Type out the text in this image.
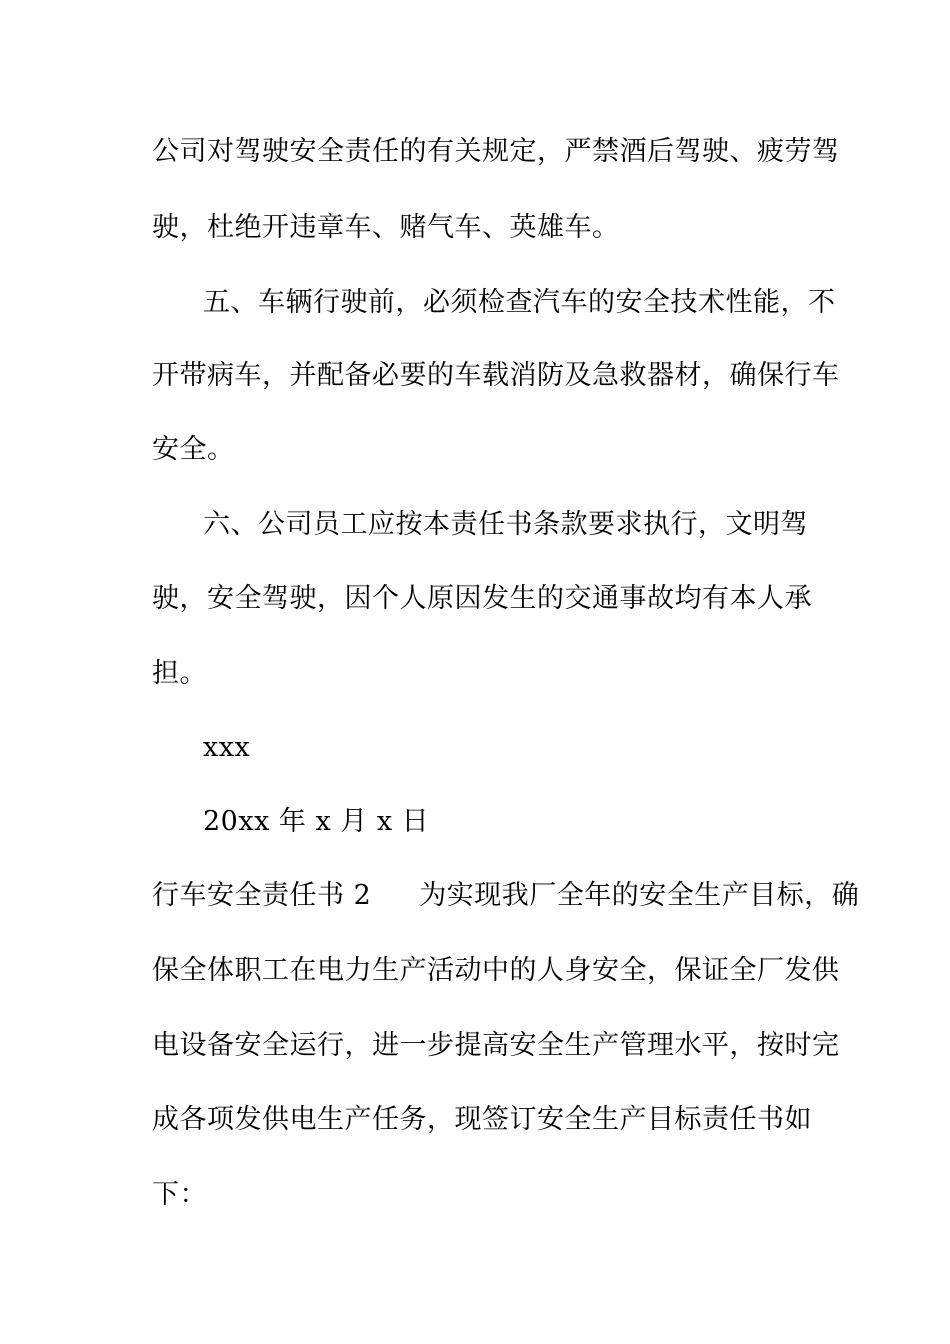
公司对驾驶安全责任的有关规定，严禁酒后驾驶、疲劳驾
驶，杜绝开违章车、赌气车、英雄车。
五、车辆行驶前，必须检查汽车的安全技术性能，不
开带病车，并配备必要的车载消防及急救器材，确保行车
安全。
六、公司员工应按本责任书条款要求执行，文明驾
驶，安全驾驶，因个人原因发生的交通事故均有本人承
担。
xxx
20xx 年 x 月 x 日
行车安全责任书 2 为实现我厂全年的安全生产目标，确
保全体职工在电力生产活动中的人身安全，保证全厂发供
电设备安全运行，进一步提高安全生产管理水平，按时完
成各项发供电生产任务，现签订安全生产目标责任书如
下：
